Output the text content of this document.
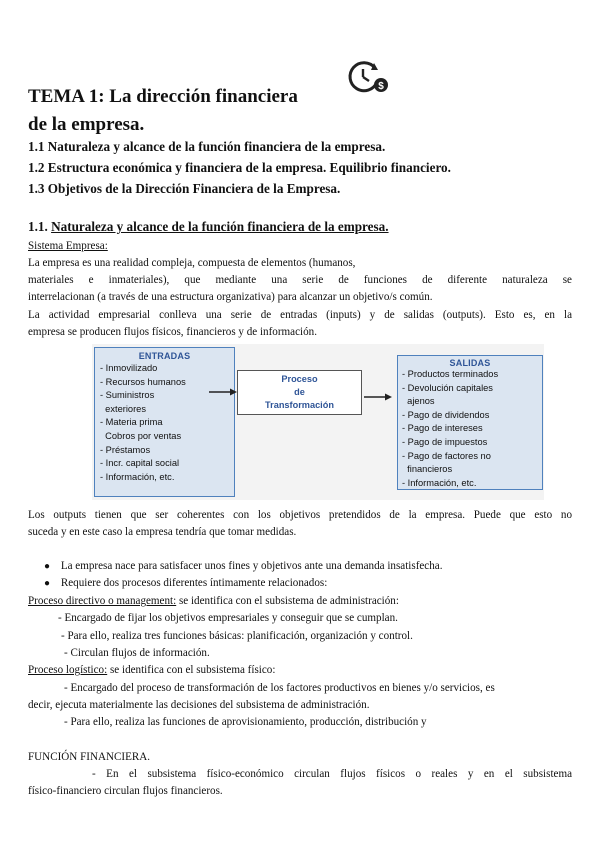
TEMA 1: La dirección financiera
de la empresa.
$
1.1 Naturaleza y alcance de la función financiera de la empresa.
1.2 Estructura económica y financiera de la empresa. Equilibrio financiero.
1.3 Objetivos de la Dirección Financiera de la Empresa.
1.1. Naturaleza y alcance de la función financiera de la empresa.
Sistema Empresa:
La empresa es una realidad compleja, compuesta de elementos (humanos,
materiales e inmateriales), que mediante una serie de funciones de diferente naturaleza se
interrelacionan (a través de una estructura organizativa) para alcanzar un objetivo/s común.
La actividad empresarial conlleva una serie de entradas (inputs) y de salidas (outputs). Esto es, en la
empresa se producen flujos físicos, financieros y de información.
ENTRADAS
- Inmovilizado
- Recursos humanos
- Suministros
exteriores
- Materia prima
Cobros por ventas
- Préstamos
- Incr. capital social
- Información, etc.
Proceso
de
Transformación
SALIDAS
- Productos terminados
- Devolución capitales
ajenos
- Pago de dividendos
- Pago de intereses
- Pago de impuestos
- Pago de factores no
financieros
- Información, etc.
Los outputs tienen que ser coherentes con los objetivos pretendidos de la empresa. Puede que esto no
suceda y en este caso la empresa tendría que tomar medidas.
● La empresa nace para satisfacer unos fines y objetivos ante una demanda insatisfecha.
● Requiere dos procesos diferentes íntimamente relacionados:
Proceso directivo o management: se identifica con el subsistema de administración:
- Encargado de fijar los objetivos empresariales y conseguir que se cumplan.
- Para ello, realiza tres funciones básicas: planificación, organización y control.
- Circulan flujos de información.
Proceso logístico: se identifica con el subsistema físico:
- Encargado del proceso de transformación de los factores productivos en bienes y/o servicios, es
decir, ejecuta materialmente las decisiones del subsistema de administración.
- Para ello, realiza las funciones de aprovisionamiento, producción, distribución y
FUNCIÓN FINANCIERA.
- En el subsistema físico-económico circulan flujos físicos o reales y en el subsistema
físico-financiero circulan flujos financieros.
